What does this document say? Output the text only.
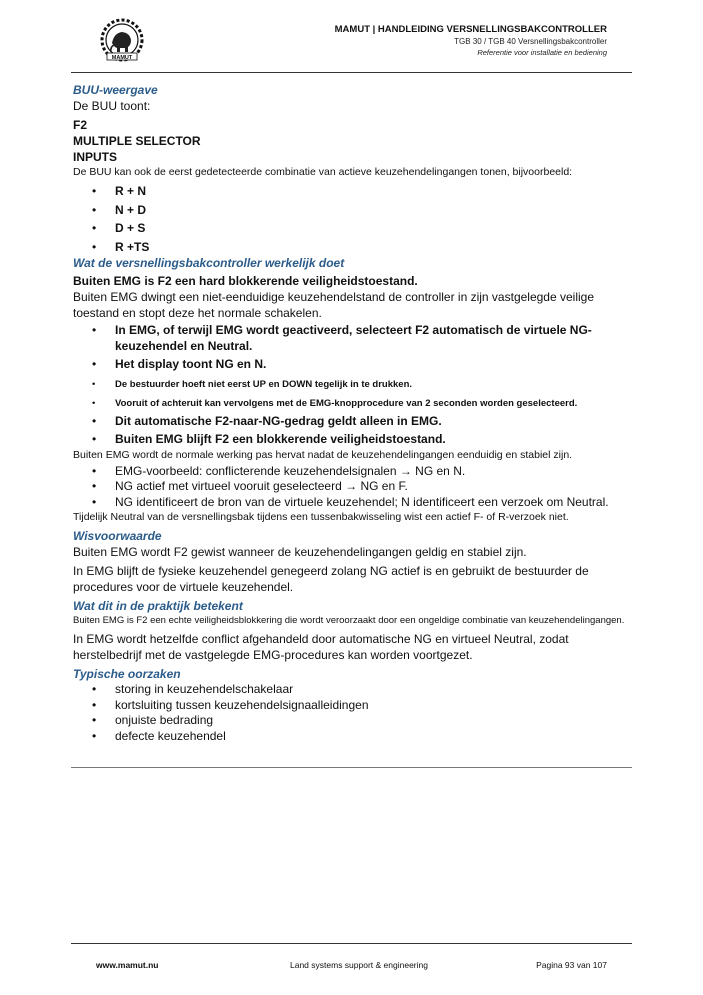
MAMUT
MAMUT | HANDLEIDING VERSNELLINGSBAKCONTROLLER
TGB 30 / TGB 40 Versnellingsbakcontroller
Referentie voor installatie en bediening
BUU-weergave

De BUU toont:

F2

MULTIPLE SELECTOR

INPUTS

De BUU kan ook de eerst gedetecteerde combinatie van actieve keuzehendelingangen tonen, bijvoorbeeld:

• R + N
• N + D
• D + S
• R +TS
Wat de versnellingsbakcontroller werkelijk doet

Buiten EMG is F2 een hard blokkerende veiligheidstoestand.

Buiten EMG dwingt een niet-eenduidige keuzehendelstand de controller in zijn vastgelegde veilige toestand en stopt deze het normale schakelen.

• In EMG, of terwijl EMG wordt geactiveerd, selecteert F2 automatisch de virtuele NG-keuzehendel en Neutral.
• Het display toont NG en N.
• De bestuurder hoeft niet eerst UP en DOWN tegelijk in te drukken.
• Vooruit of achteruit kan vervolgens met de EMG-knopprocedure van 2 seconden worden geselecteerd.
• Dit automatische F2-naar-NG-gedrag geldt alleen in EMG.
• Buiten EMG blijft F2 een blokkerende veiligheidstoestand.

Buiten EMG wordt de normale werking pas hervat nadat de keuzehendelingangen eenduidig en stabiel zijn.

• EMG-voorbeeld: conflicterende keuzehendelsignalen → NG en N.
• NG actief met virtueel vooruit geselecteerd → NG en F.
• NG identificeert de bron van de virtuele keuzehendel; N identificeert een verzoek om Neutral.

Tijdelijk Neutral van de versnellingsbak tijdens een tussenbakwisseling wist een actief F- of R-verzoek niet.

Wisvoorwaarde

Buiten EMG wordt F2 gewist wanneer de keuzehendelingangen geldig en stabiel zijn.

In EMG blijft de fysieke keuzehendel genegeerd zolang NG actief is en gebruikt de bestuurder de procedures voor de virtuele keuzehendel.

Wat dit in de praktijk betekent

Buiten EMG is F2 een echte veiligheidsblokkering die wordt veroorzaakt door een ongeldige combinatie van keuzehendelingangen.

In EMG wordt hetzelfde conflict afgehandeld door automatische NG en virtueel Neutral, zodat herstelbedrijf met de vastgelegde EMG-procedures kan worden voortgezet.

Typische oorzaken
• storing in keuzehendelschakelaar
• kortsluiting tussen keuzehendelsignaalleidingen
• onjuiste bedrading
• defecte keuzehendel
www.mamut.nu	Land systems support & engineering	Pagina 93 van 107
